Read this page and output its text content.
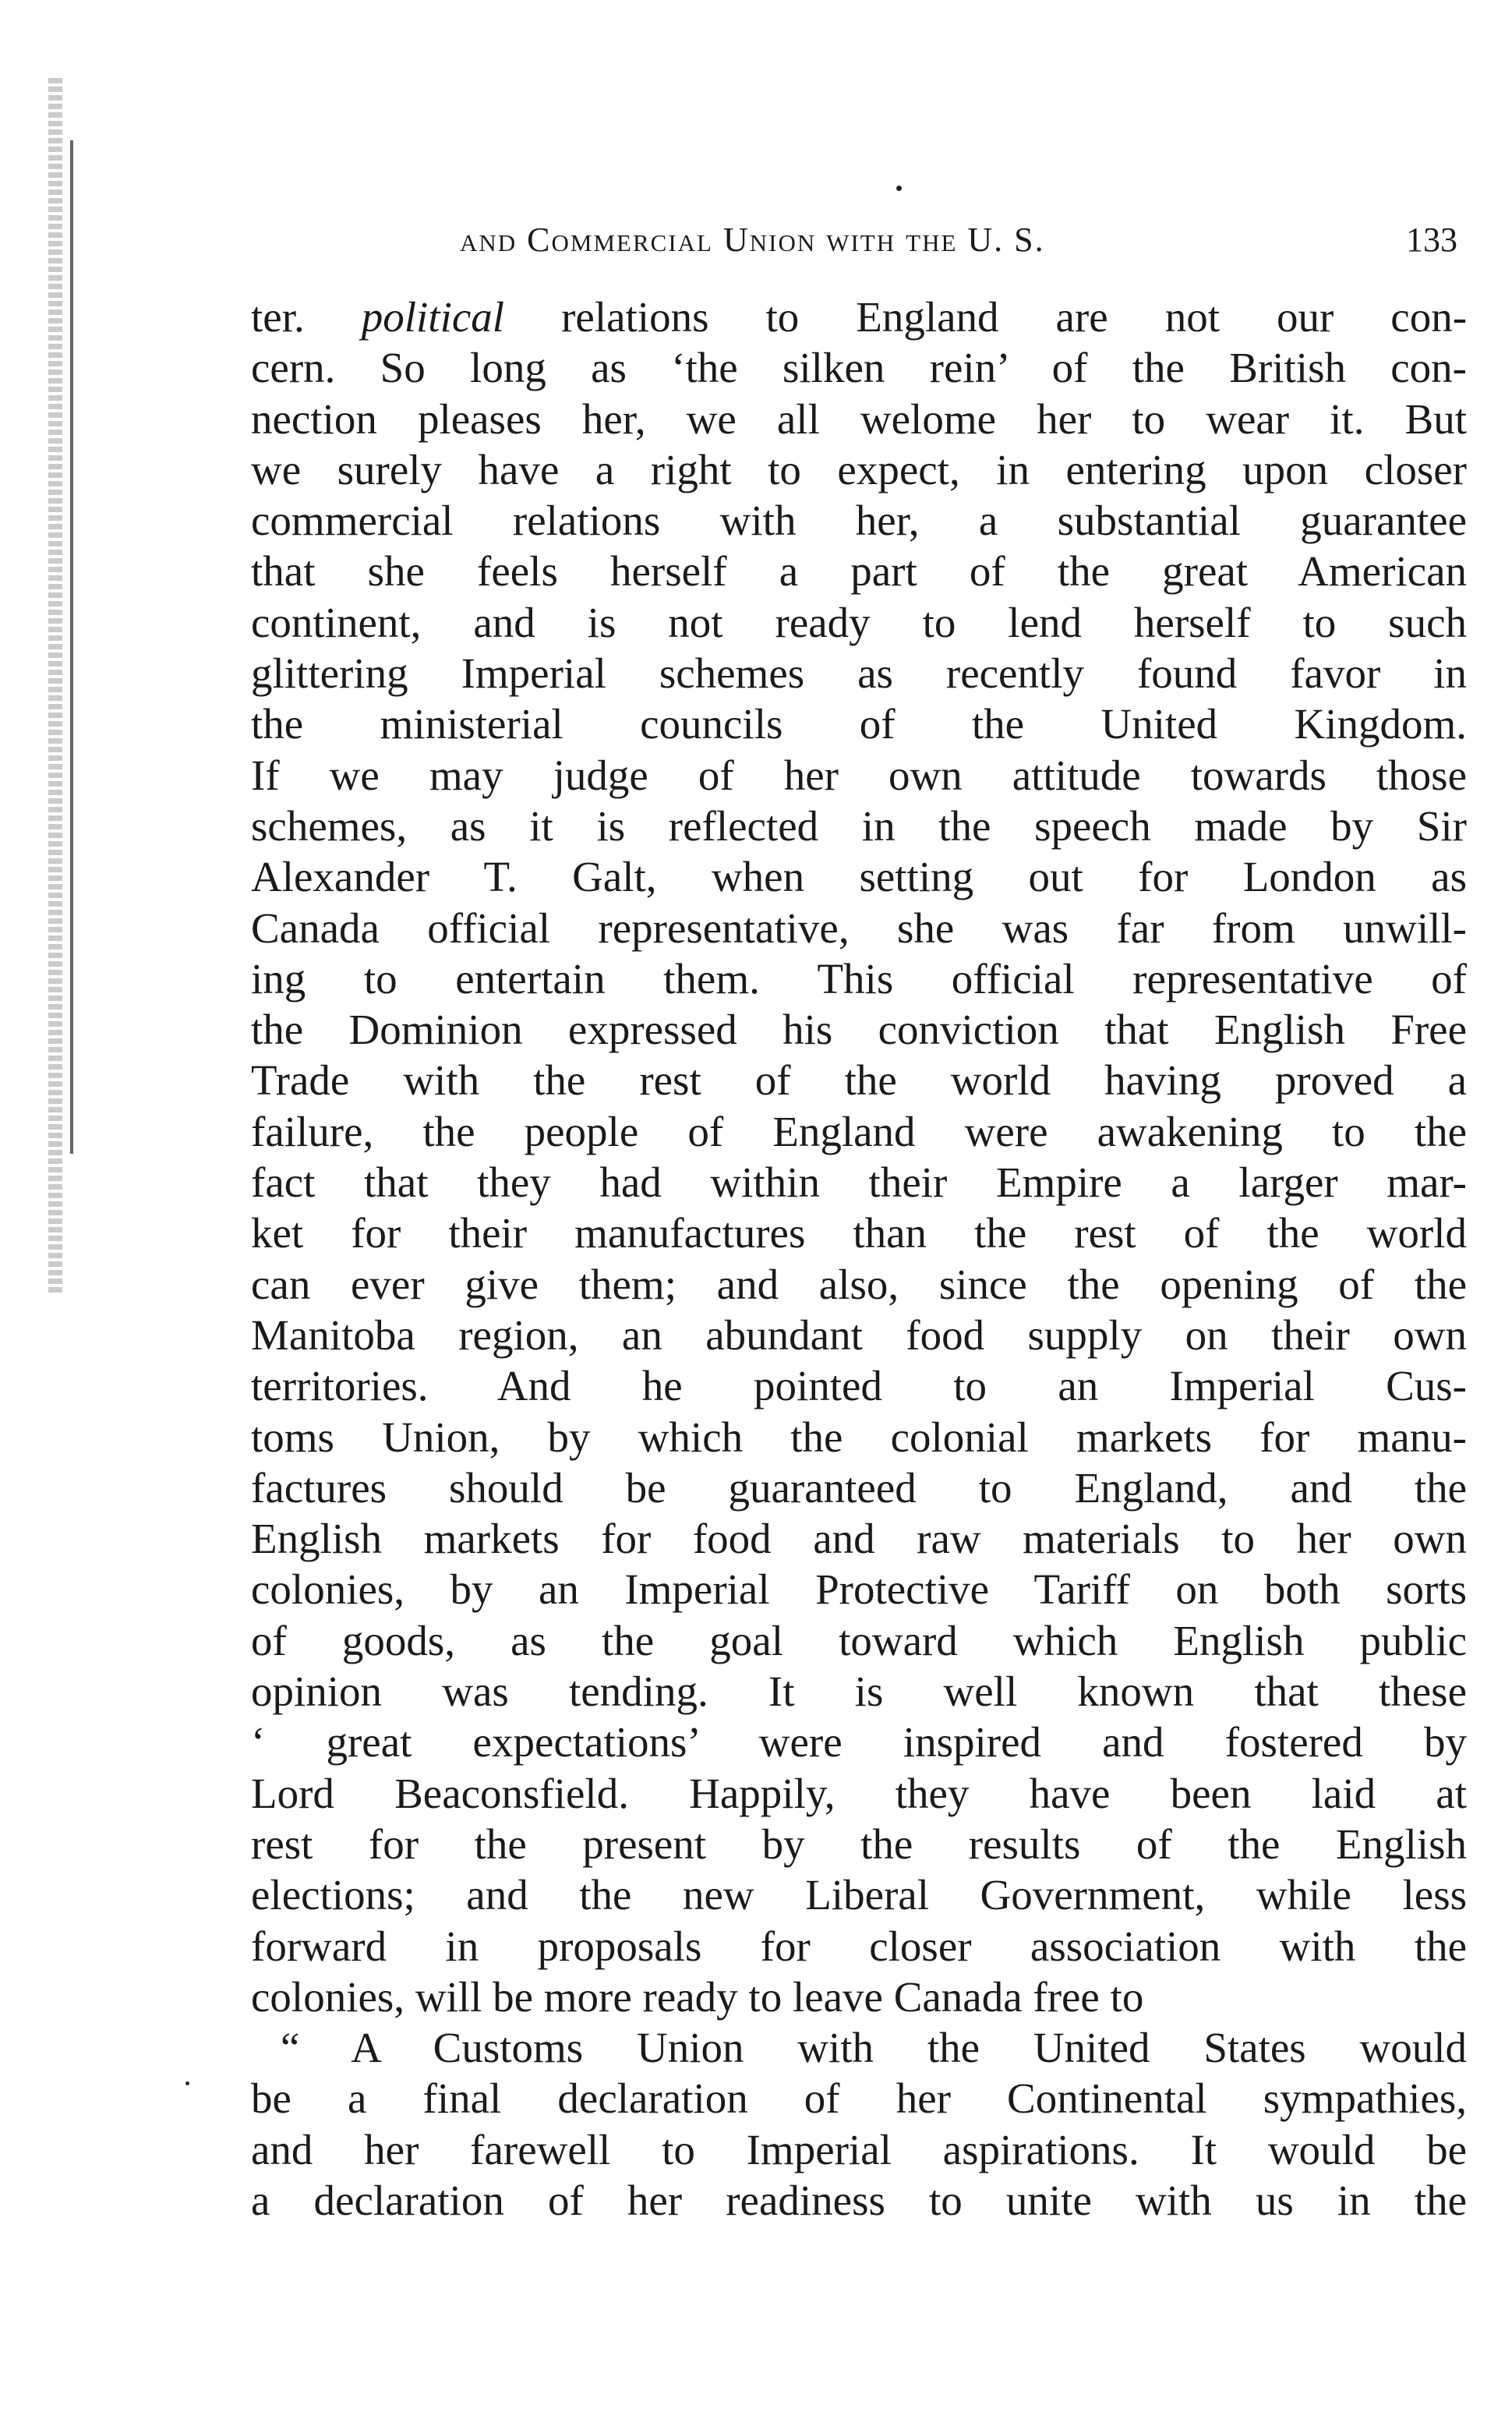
and Commercial Union with the U. S.	133
ter. political relations to England are not our con-
cern. So long as ‘the silken rein’ of the British con-
nection pleases her, we all welome her to wear it. But
we surely have a right to expect, in entering upon closer
commercial relations with her, a substantial guarantee
that she feels herself a part of the great American
continent, and is not ready to lend herself to such
glittering Imperial schemes as recently found favor in
the ministerial councils of the United Kingdom.
If we may judge of her own attitude towards those
schemes, as it is reflected in the speech made by Sir
Alexander T. Galt, when setting out for London as
Canada official representative, she was far from unwill-
ing to entertain them. This official representative of
the Dominion expressed his conviction that English Free
Trade with the rest of the world having proved a
failure, the people of England were awakening to the
fact that they had within their Empire a larger mar-
ket for their manufactures than the rest of the world
can ever give them; and also, since the opening of the
Manitoba region, an abundant food supply on their own
territories. And he pointed to an Imperial Cus-
toms Union, by which the colonial markets for manu-
factures should be guaranteed to England, and the
English markets for food and raw materials to her own
colonies, by an Imperial Protective Tariff on both sorts
of goods, as the goal toward which English public
opinion was tending. It is well known that these
‘ great expectations’ were inspired and fostered by
Lord Beaconsfield. Happily, they have been laid at
rest for the present by the results of the English
elections; and the new Liberal Government, while less
forward in proposals for closer association with the
colonies, will be more ready to leave Canada free to
“ A Customs Union with the United States would
be a final declaration of her Continental sympathies,
and her farewell to Imperial aspirations. It would be
a declaration of her readiness to unite with us in the
